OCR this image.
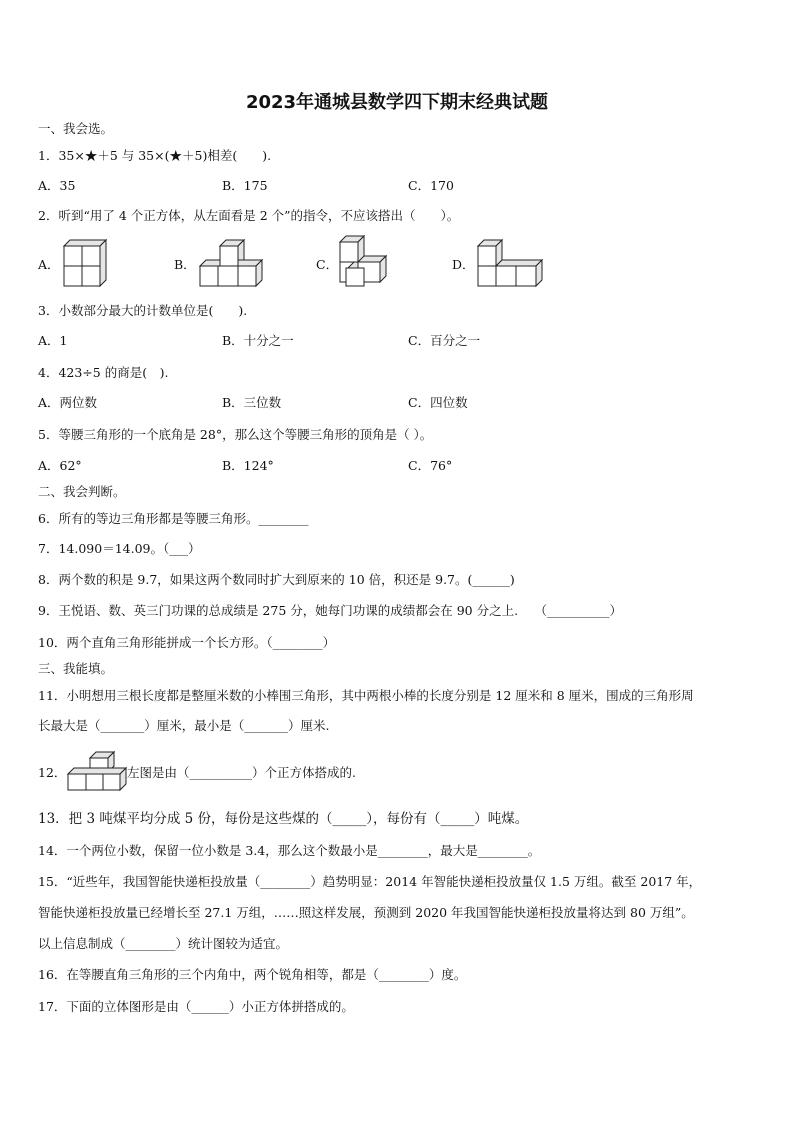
2023年通城县数学四下期末经典试题
一、我会选。
1．35×★＋5 与 35×(★＋5)相差(　　).
A．35	B．175	C．170
2．听到“用了 4 个正方体，从左面看是 2 个”的指令，不应该搭出（　　）。
A．	B．	C．	D．
3．小数部分最大的计数单位是(　　).
A．1	B．十分之一	C．百分之一
4．423÷5 的商是(　).
A．两位数	B．三位数	C．四位数
5．等腰三角形的一个底角是 28°，那么这个等腰三角形的顶角是（ ）。
A．62°	B．124°	C．76°
二、我会判断。
6．所有的等边三角形都是等腰三角形。________
7．14.090＝14.09。（___）
8．两个数的积是 9.7，如果这两个数同时扩大到原来的 10 倍，积还是 9.7。(______)
9．王悦语、数、英三门功课的总成绩是 275 分，她每门功课的成绩都会在 90 分之上.　 （__________）
10．两个直角三角形能拼成一个长方形。（________）
三、我能填。
11．小明想用三根长度都是整厘米数的小棒围三角形，其中两根小棒的长度分别是 12 厘米和 8 厘米，围成的三角形周
长最大是（_______）厘米，最小是（_______）厘米.
12．	左图是由（__________）个正方体搭成的.
13．把 3 吨煤平均分成 5 份，每份是这些煤的（_____），每份有（_____）吨煤。
14．一个两位小数，保留一位小数是 3.4，那么这个数最小是________，最大是________。
15．“近些年，我国智能快递柜投放量（________）趋势明显：2014 年智能快递柜投放量仅 1.5 万组。截至 2017 年，
智能快递柜投放量已经增长至 27.1 万组，……照这样发展，预测到 2020 年我国智能快递柜投放量将达到 80 万组”。
以上信息制成（________）统计图较为适宜。
16．在等腰直角三角形的三个内角中，两个锐角相等，都是（________）度。
17．下面的立体图形是由（______）小正方体拼搭成的。
